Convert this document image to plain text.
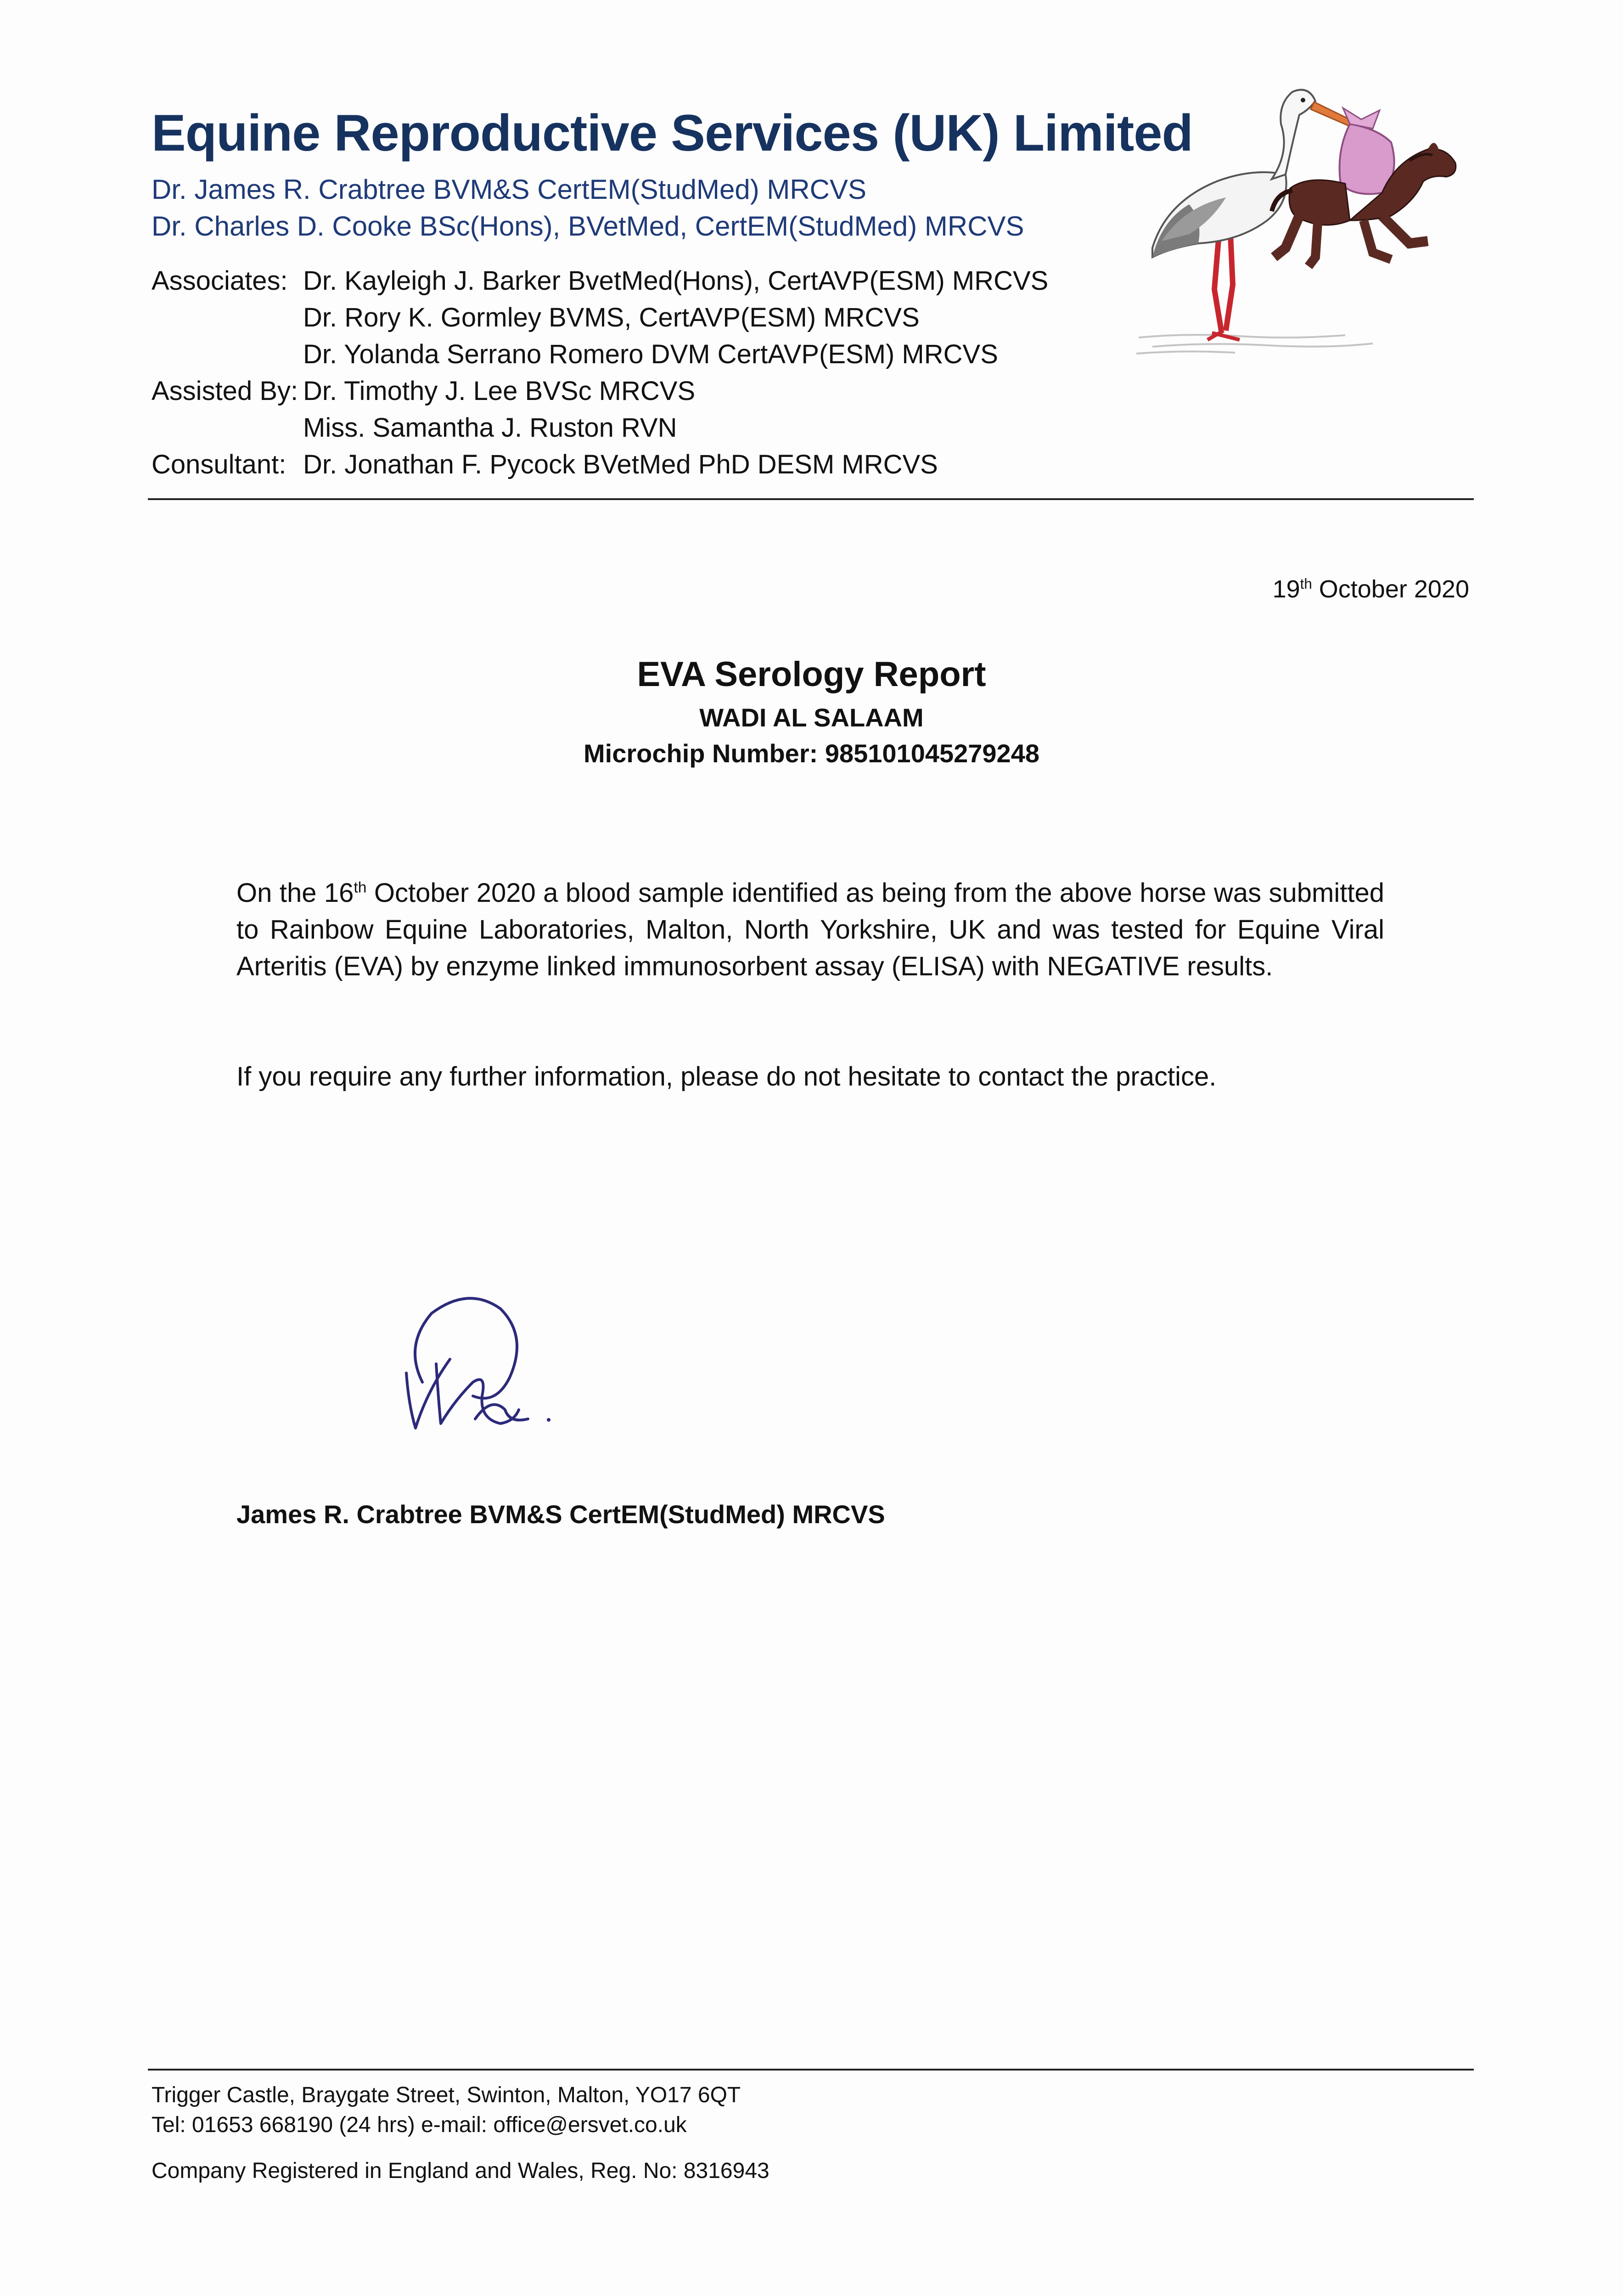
Equine Reproductive Services (UK) Limited
Dr. James R. Crabtree BVM&S CertEM(StudMed) MRCVS
Dr. Charles D. Cooke BSc(Hons), BVetMed, CertEM(StudMed) MRCVS
Associates: Dr. Kayleigh J. Barker BvetMed(Hons), CertAVP(ESM) MRCVS
Dr. Rory K. Gormley BVMS, CertAVP(ESM) MRCVS
Dr. Yolanda Serrano Romero DVM CertAVP(ESM) MRCVS
Assisted By: Dr. Timothy J. Lee BVSc MRCVS
Miss. Samantha J. Ruston RVN
Consultant: Dr. Jonathan F. Pycock BVetMed PhD DESM MRCVS
19th October 2020
EVA Serology Report
WADI AL SALAAM
Microchip Number: 985101045279248
On the 16th October 2020 a blood sample identified as being from the above horse was submitted to Rainbow Equine Laboratories, Malton, North Yorkshire, UK and was tested for Equine Viral Arteritis (EVA) by enzyme linked immunosorbent assay (ELISA) with NEGATIVE results.
If you require any further information, please do not hesitate to contact the practice.
James R. Crabtree BVM&S CertEM(StudMed) MRCVS
Trigger Castle, Braygate Street, Swinton, Malton, YO17 6QT
Tel: 01653 668190 (24 hrs) e-mail: office@ersvet.co.uk
Company Registered in England and Wales, Reg. No: 8316943
